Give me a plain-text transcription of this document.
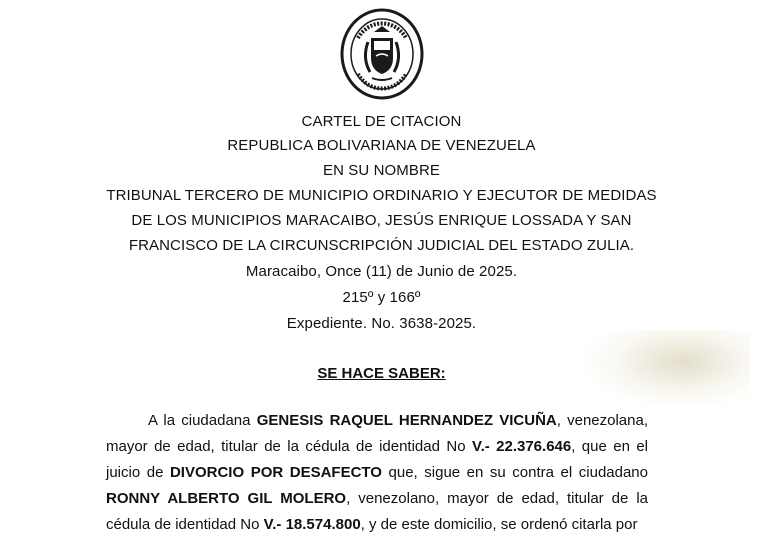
CARTEL DE CITACION
REPUBLICA BOLIVARIANA DE VENEZUELA
EN SU NOMBRE
TRIBUNAL TERCERO DE MUNICIPIO ORDINARIO Y EJECUTOR DE MEDIDAS
DE LOS MUNICIPIOS MARACAIBO, JESÚS ENRIQUE LOSSADA Y SAN
FRANCISCO DE LA CIRCUNSCRIPCIÓN JUDICIAL DEL ESTADO ZULIA.
Maracaibo, Once (11) de Junio de 2025.
215º y 166º
Expediente. No. 3638-2025.
SE HACE SABER:
A la ciudadana GENESIS RAQUEL HERNANDEZ VICUÑA, venezolana, mayor de edad, titular de la cédula de identidad No V.- 22.376.646, que en el juicio de DIVORCIO POR DESAFECTO que, sigue en su contra el ciudadano RONNY ALBERTO GIL MOLERO, venezolano, mayor de edad, titular de la cédula de identidad No V.- 18.574.800, y de este domicilio, se ordenó citarla por
